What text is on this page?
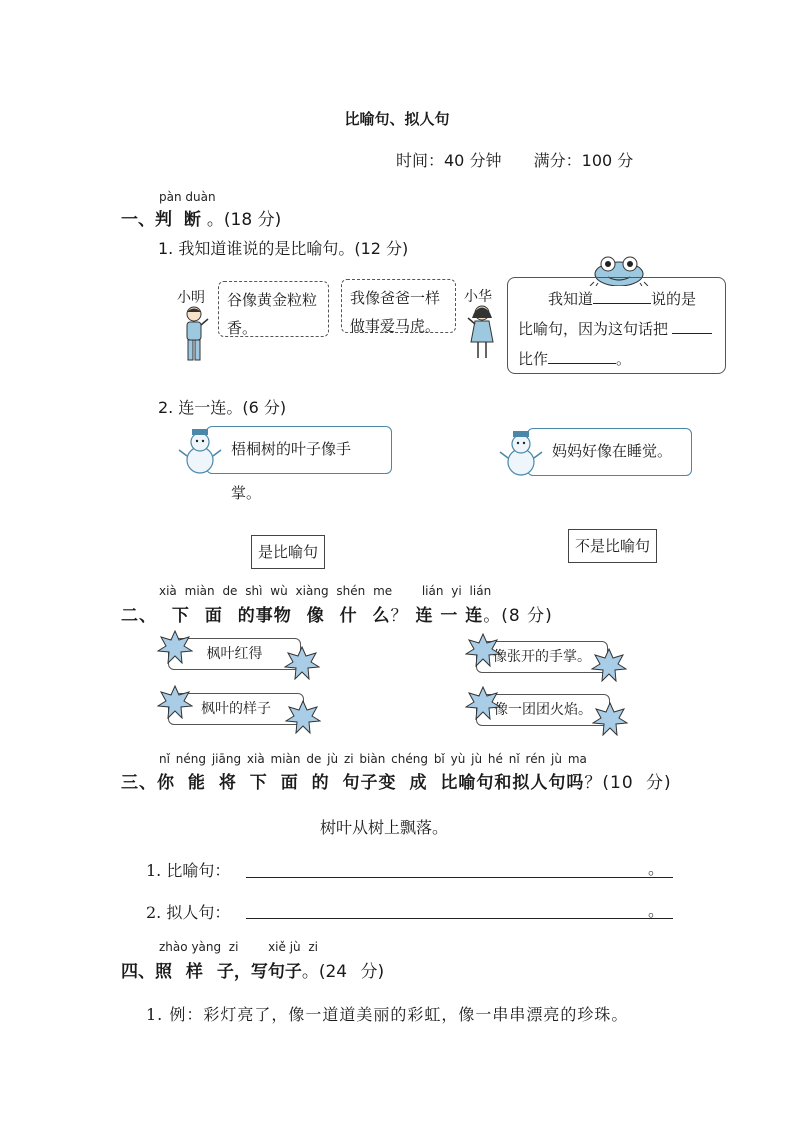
比喻句、拟人句
时间：40 分钟 满分：100 分
pàn duàn
一、判 断。(18 分)
1. 我知道谁说的是比喻句。(12 分)
小明	谷像黄金粒粒香。
我像爸爸一样做事爱马虎。
小华	我知道	说的是
比喻句，因为这句话把
比作	。
2. 连一连。(6 分)
梧桐树的叶子像手掌。
妈妈好像在睡觉。
是比喻句	不是比喻句
xià miàn de shì wù xiàng shén me lián yi lián
二、 下 面 的事物 像 什 么？ 连 一 连。(8 分)
枫叶红得
枫叶的样子
像张开的手掌。
像一团团火焰。
nǐ néng jiāng xià miàn de jù zi biàn chéng bǐ yù jù hé nǐ rén jù ma
三、你 能 将 下 面 的 句子变 成 比喻句和拟人句吗？(10 分)
树叶从树上飘落。
1. 比喻句：	。
2. 拟人句：	。
zhào yàng zi xiě jù zi
四、照 样 子，写句子。(24 分)
1. 例：彩灯亮了，像一道道美丽的彩虹，像一串串漂亮的珍珠。
